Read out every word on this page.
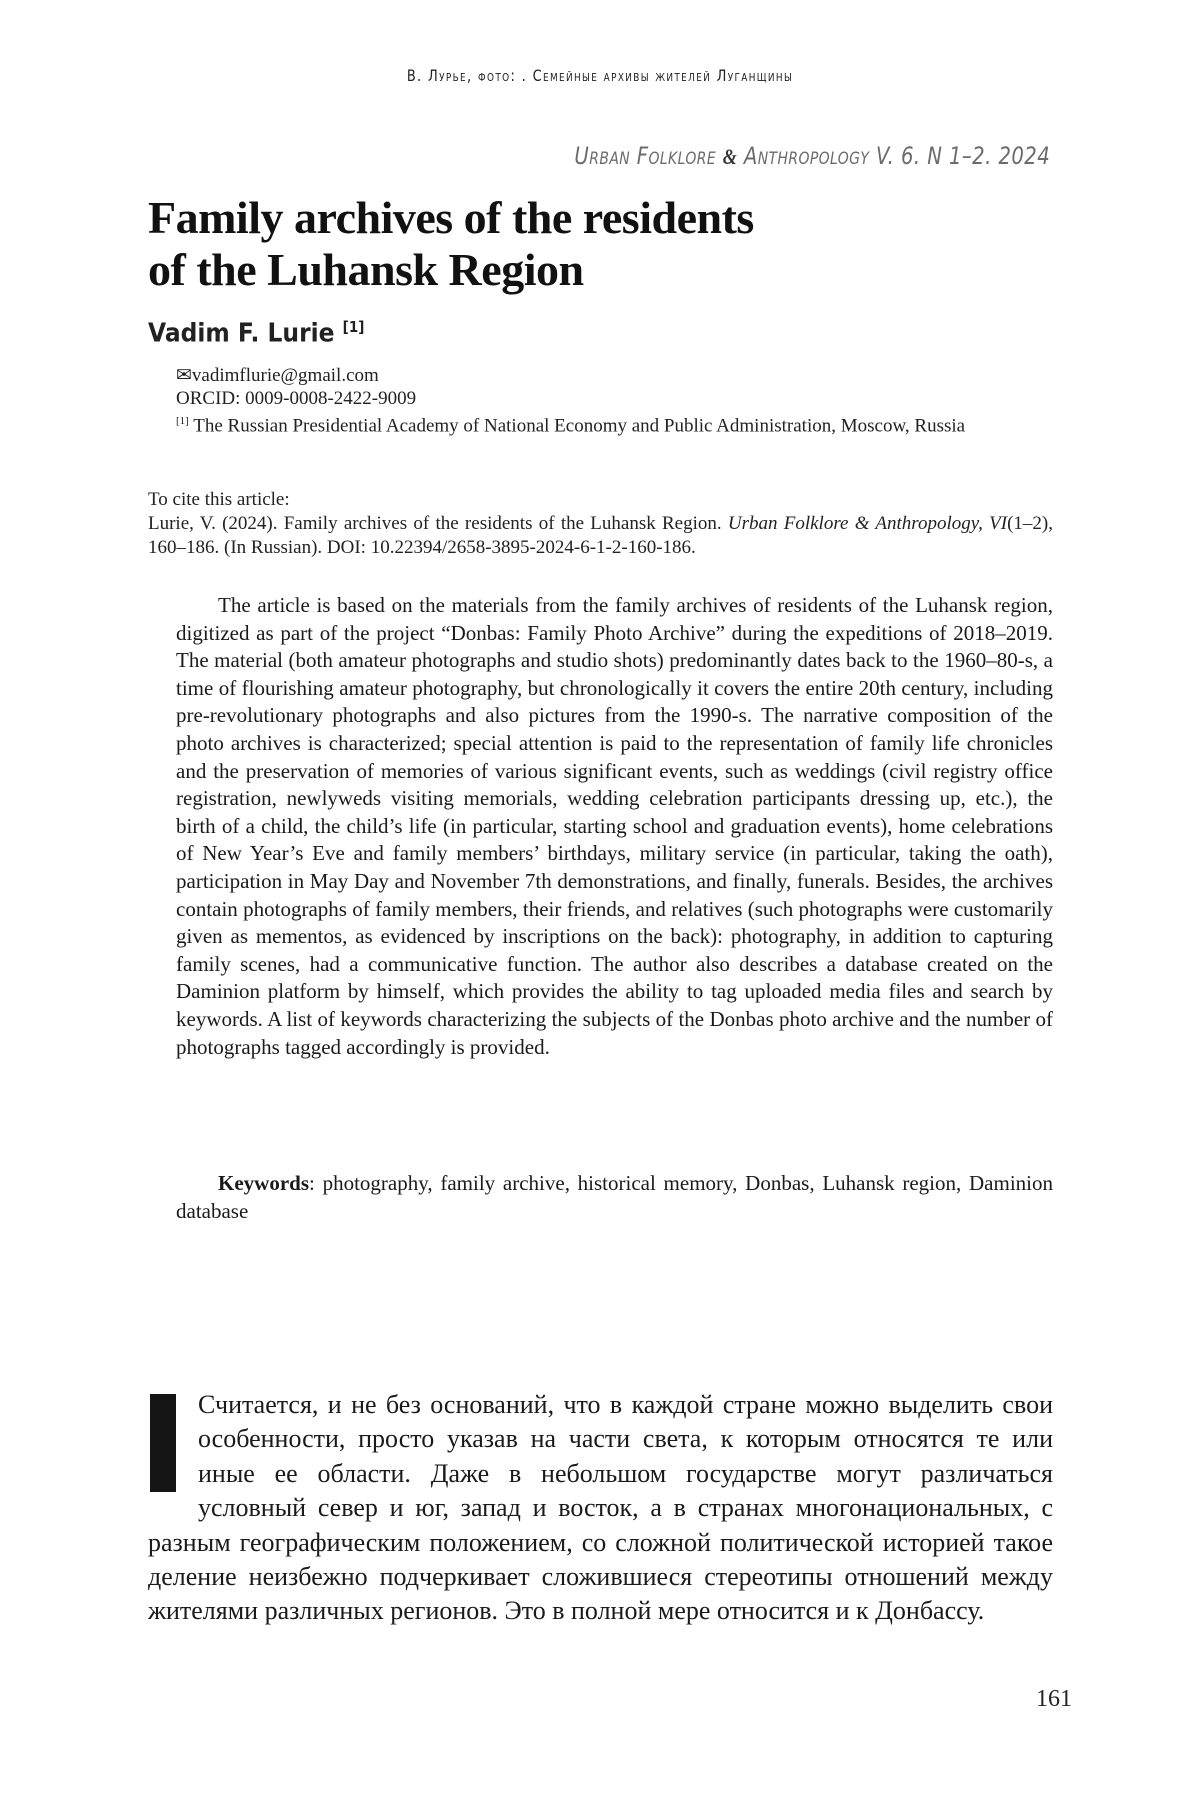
В. Лурье, фото: . Семейные архивы жителей Луганщины
Urban Folklore & Anthropology V. 6. N 1–2. 2024
Family archives of the residents
of the Luhansk Region
Vadim F. Lurie [1]
✉vadimflurie@gmail.com
ORCID: 0009-0008-2422-9009
[1] The Russian Presidential Academy of National Economy and Public Administration, Moscow, Russia
To cite this article:
Lurie, V. (2024). Family archives of the residents of the Luhansk Region. Urban Folklore & Anthropology, VI(1–2), 160–186. (In Russian). DOI: 10.22394/2658-3895-2024-6-1-2-160-186.

The article is based on the materials from the family archives of residents of the Luhansk region, digitized as part of the project “Donbas: Family Photo Archive” during the expeditions of 2018–2019. The material (both amateur photographs and studio shots) predominantly dates back to the 1960–80-s, a time of flourishing amateur photography, but chronologically it covers the entire 20th century, including pre-revolutionary photographs and also pictures from the 1990-s. The narrative composition of the photo archives is characterized; special attention is paid to the representation of family life chronicles and the preservation of memories of various significant events, such as weddings (civil registry office registration, newlyweds visiting memorials, wedding celebration participants dressing up, etc.), the birth of a child, the child’s life (in particular, starting school and graduation events), home celebrations of New Year’s Eve and family members’ birthdays, military service (in particular, taking the oath), participation in May Day and November 7th demonstrations, and finally, funerals. Besides, the archives contain photographs of family members, their friends, and relatives (such photographs were customarily given as mementos, as evidenced by inscriptions on the back): photography, in addition to capturing family scenes, had a communicative function. The author also describes a database created on the Daminion platform by himself, which provides the ability to tag uploaded media files and search by keywords. A list of keywords characterizing the subjects of the Donbas photo archive and the number of photographs tagged accordingly is provided.

Keywords: photography, family archive, historical memory, Donbas, Luhansk region, Daminion database

Считается, и не без оснований, что в каждой стране можно выделить свои особенности, просто указав на части света, к которым относятся те или иные ее области. Даже в небольшом государстве могут различаться условный север и юг, запад и восток, а в странах многонациональных, с разным географическим положением, со сложной политической историей такое деление неизбежно подчеркивает сложившиеся стереотипы отношений между жителями различных регионов. Это в полной мере относится и к Донбассу.

161
